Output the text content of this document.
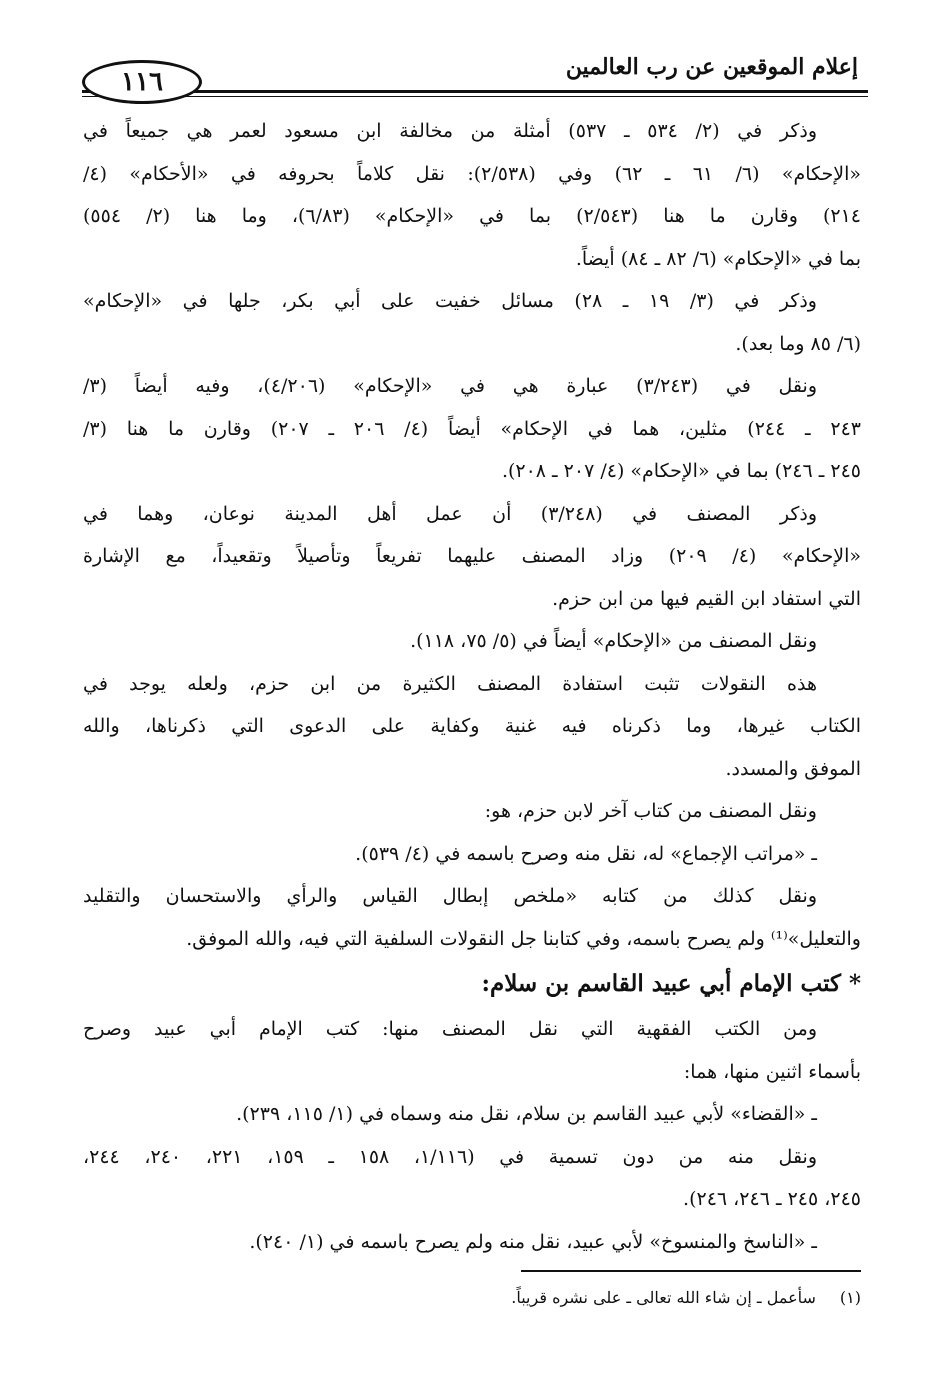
إعلام الموقعين عن رب العالمين
١١٦
وذكر في (٢/ ٥٣٤ ـ ٥٣٧) أمثلة من مخالفة ابن مسعود لعمر هي جميعاً في
«الإحكام» (٦/ ٦١ ـ ٦٢) وفي (٢/٥٣٨): نقل كلاماً بحروفه في «الأحكام» (٤/
٢١٤) وقارن ما هنا (٢/٥٤٣) بما في «الإحكام» (٦/٨٣)، وما هنا (٢/ ٥٥٤)
بما في «الإحكام» (٦/ ٨٢ ـ ٨٤) أيضاً.
وذكر في (٣/ ١٩ ـ ٢٨) مسائل خفيت على أبي بكر، جلها في «الإحكام»
(٦/ ٨٥ وما بعد).
ونقل في (٣/٢٤٣) عبارة هي في «الإحكام» (٤/٢٠٦)، وفيه أيضاً (٣/
٢٤٣ ـ ٢٤٤) مثلين، هما في الإحكام» أيضاً (٤/ ٢٠٦ ـ ٢٠٧) وقارن ما هنا (٣/
٢٤٥ ـ ٢٤٦) بما في «الإحكام» (٤/ ٢٠٧ ـ ٢٠٨).
وذكر المصنف في (٣/٢٤٨) أن عمل أهل المدينة نوعان، وهما في
«الإحكام» (٤/ ٢٠٩) وزاد المصنف عليهما تفريعاً وتأصيلاً وتقعيداً، مع الإشارة
التي استفاد ابن القيم فيها من ابن حزم.
ونقل المصنف من «الإحكام» أيضاً في (٥/ ٧٥، ١١٨).
هذه النقولات تثبت استفادة المصنف الكثيرة من ابن حزم، ولعله يوجد في
الكتاب غيرها، وما ذكرناه فيه غنية وكفاية على الدعوى التي ذكرناها، والله
الموفق والمسدد.
ونقل المصنف من كتاب آخر لابن حزم، هو:
ـ «مراتب الإجماع» له، نقل منه وصرح باسمه في (٤/ ٥٣٩).
ونقل كذلك من كتابه «ملخص إبطال القياس والرأي والاستحسان والتقليد
والتعليل»⁽¹⁾ ولم يصرح باسمه، وفي كتابنا جل النقولات السلفية التي فيه، والله الموفق.
* كتب الإمام أبي عبيد القاسم بن سلام:
ومن الكتب الفقهية التي نقل المصنف منها: كتب الإمام أبي عبيد وصرح
بأسماء اثنين منها، هما:
ـ «القضاء» لأبي عبيد القاسم بن سلام، نقل منه وسماه في (١/ ١١٥، ٢٣٩).
ونقل منه من دون تسمية في (١/١١٦، ١٥٨ ـ ١٥٩، ٢٢١، ٢٤٠، ٢٤٤،
٢٤٥، ٢٤٥ ـ ٢٤٦، ٢٤٦).
ـ «الناسخ والمنسوخ» لأبي عبيد، نقل منه ولم يصرح باسمه في (١/ ٢٤٠).
(١)سأعمل ـ إن شاء الله تعالى ـ على نشره قريباً.
